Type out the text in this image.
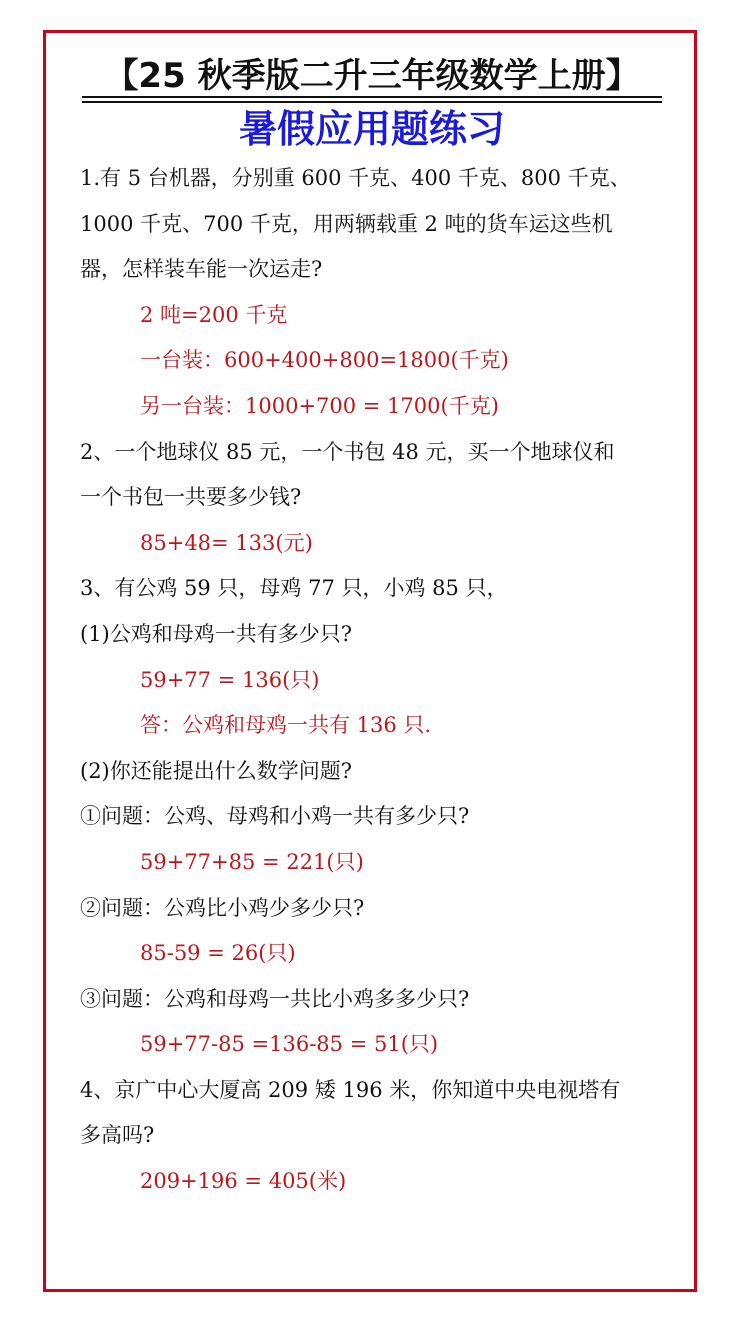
【25 秋季版二升三年级数学上册】
暑假应用题练习
1.有 5 台机器，分别重 600 千克、400 千克、800 千克、
1000 千克、700 千克，用两辆载重 2 吨的货车运这些机
器，怎样装车能一次运走?
2 吨=200 千克
一台装：600+400+800=1800(千克)
另一台装：1000+700 = 1700(千克)
2、一个地球仪 85 元，一个书包 48 元，买一个地球仪和
一个书包一共要多少钱?
85+48= 133(元)
3、有公鸡 59 只，母鸡 77 只，小鸡 85 只，
(1)公鸡和母鸡一共有多少只?
59+77 = 136(只)
答：公鸡和母鸡一共有 136 只.
(2)你还能提出什么数学问题?
①问题：公鸡、母鸡和小鸡一共有多少只?
59+77+85 = 221(只)
②问题：公鸡比小鸡少多少只?
85-59 = 26(只)
③问题：公鸡和母鸡一共比小鸡多多少只?
59+77-85 =136-85 = 51(只)
4、京广中心大厦高 209 矮 196 米，你知道中央电视塔有
多高吗?
209+196 = 405(米)
